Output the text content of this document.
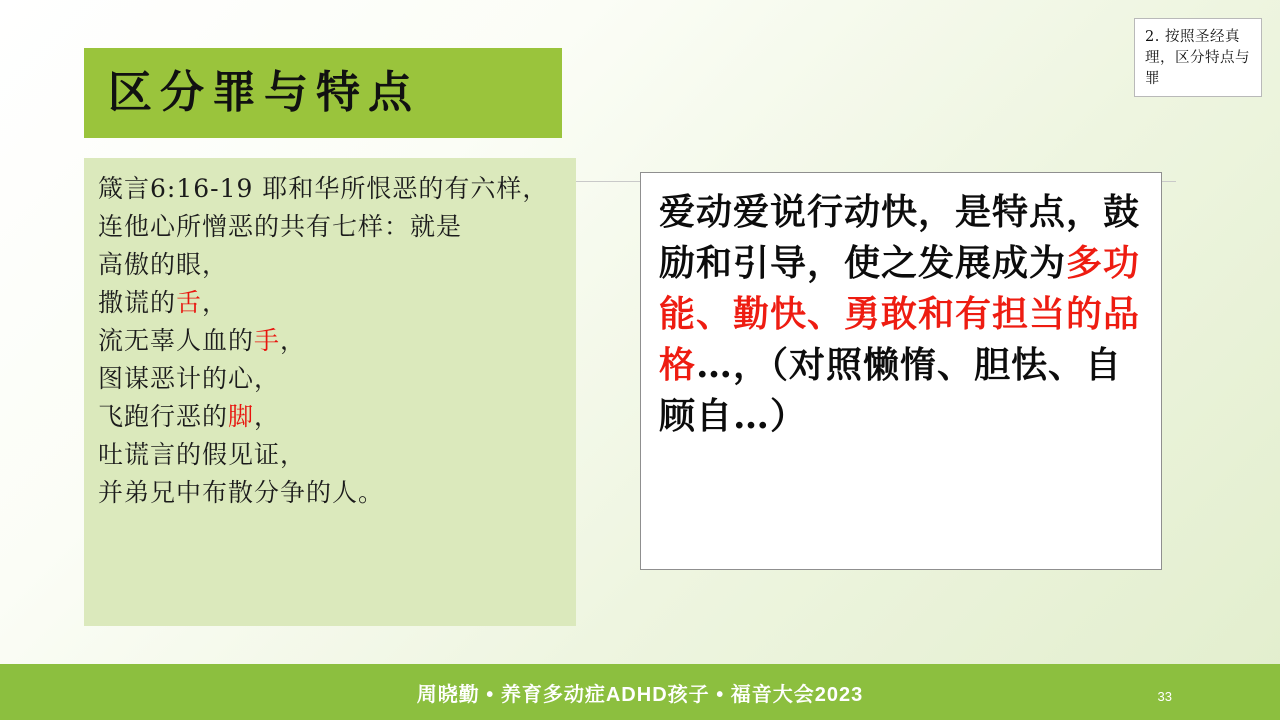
2. 按照圣经真理，区分特点与罪
区分罪与特点
箴言6:16-19 耶和华所恨恶的有六样， 连他心所憎恶的共有七样：就是
高傲的眼，
撒谎的舌，
流无辜人血的手，
图谋恶计的心，
飞跑行恶的脚，
吐谎言的假见证，
并弟兄中布散分争的人。
爱动爱说行动快，是特点，鼓励和引导，使之发展成为多功能、勤快、勇敢和有担当的品格…，（对照懒惰、胆怯、自顾自…）
周晓勤 • 养育多动症ADHD孩子 • 福音大会2023	33
